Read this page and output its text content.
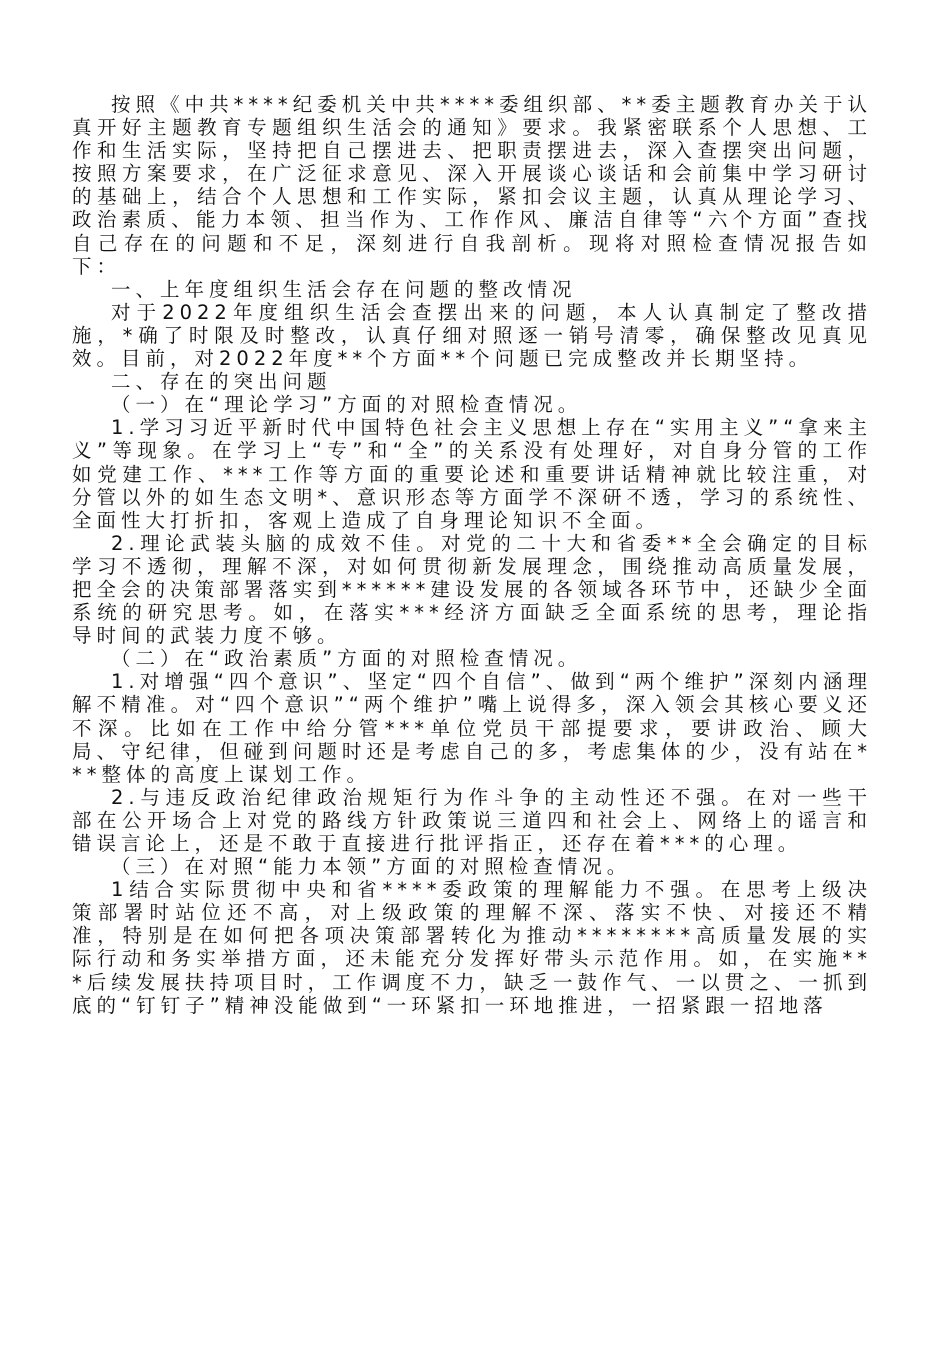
按照《中共****纪委机关中共****委组织部、**委主题教育办关于认真开好主题教育专题组织生活会的通知》要求。我紧密联系个人思想、工作和生活实际，坚持把自己摆进去、把职责摆进去，深入查摆突出问题，按照方案要求，在广泛征求意见、深入开展谈心谈话和会前集中学习研讨的基础上，结合个人思想和工作实际，紧扣会议主题，认真从理论学习、政治素质、能力本领、担当作为、工作作风、廉洁自律等“六个方面”查找自己存在的问题和不足，深刻进行自我剖析。现将对照检查情况报告如下：

一、上年度组织生活会存在问题的整改情况

对于2022年度组织生活会查摆出来的问题，本人认真制定了整改措施，*确了时限及时整改，认真仔细对照逐一销号清零，确保整改见真见效。目前，对2022年度**个方面**个问题已完成整改并长期坚持。

二、存在的突出问题

（一）在“理论学习”方面的对照检查情况。

1.学习习近平新时代中国特色社会主义思想上存在“实用主义”“拿来主义”等现象。在学习上“专”和“全”的关系没有处理好，对自身分管的工作如党建工作、***工作等方面的重要论述和重要讲话精神就比较注重，对分管以外的如生态文明*、意识形态等方面学不深研不透，学习的系统性、全面性大打折扣，客观上造成了自身理论知识不全面。

2.理论武装头脑的成效不佳。对党的二十大和省委**全会确定的目标学习不透彻，理解不深，对如何贯彻新发展理念，围绕推动高质量发展，把全会的决策部署落实到******建设发展的各领域各环节中，还缺少全面系统的研究思考。如，在落实***经济方面缺乏全面系统的思考，理论指导时间的武装力度不够。

（二）在“政治素质”方面的对照检查情况。

1.对增强“四个意识”、坚定“四个自信”、做到“两个维护”深刻内涵理解不精准。对“四个意识”“两个维护”嘴上说得多，深入领会其核心要义还不深。比如在工作中给分管***单位党员干部提要求，要讲政治、顾大局、守纪律，但碰到问题时还是考虑自己的多，考虑集体的少，没有站在***整体的高度上谋划工作。

2.与违反政治纪律政治规矩行为作斗争的主动性还不强。在对一些干部在公开场合上对党的路线方针政策说三道四和社会上、网络上的谣言和错误言论上，还是不敢于直接进行批评指正，还存在着***的心理。

（三）在对照“能力本领”方面的对照检查情况。

1结合实际贯彻中央和省****委政策的理解能力不强。在思考上级决策部署时站位还不高，对上级政策的理解不深、落实不快、对接还不精准，特别是在如何把各项决策部署转化为推动********高质量发展的实际行动和务实举措方面，还未能充分发挥好带头示范作用。如，在实施***后续发展扶持项目时，工作调度不力，缺乏一鼓作气、一以贯之、一抓到底的“钉钉子”精神没能做到“一环紧扣一环地推进，一招紧跟一招地落
